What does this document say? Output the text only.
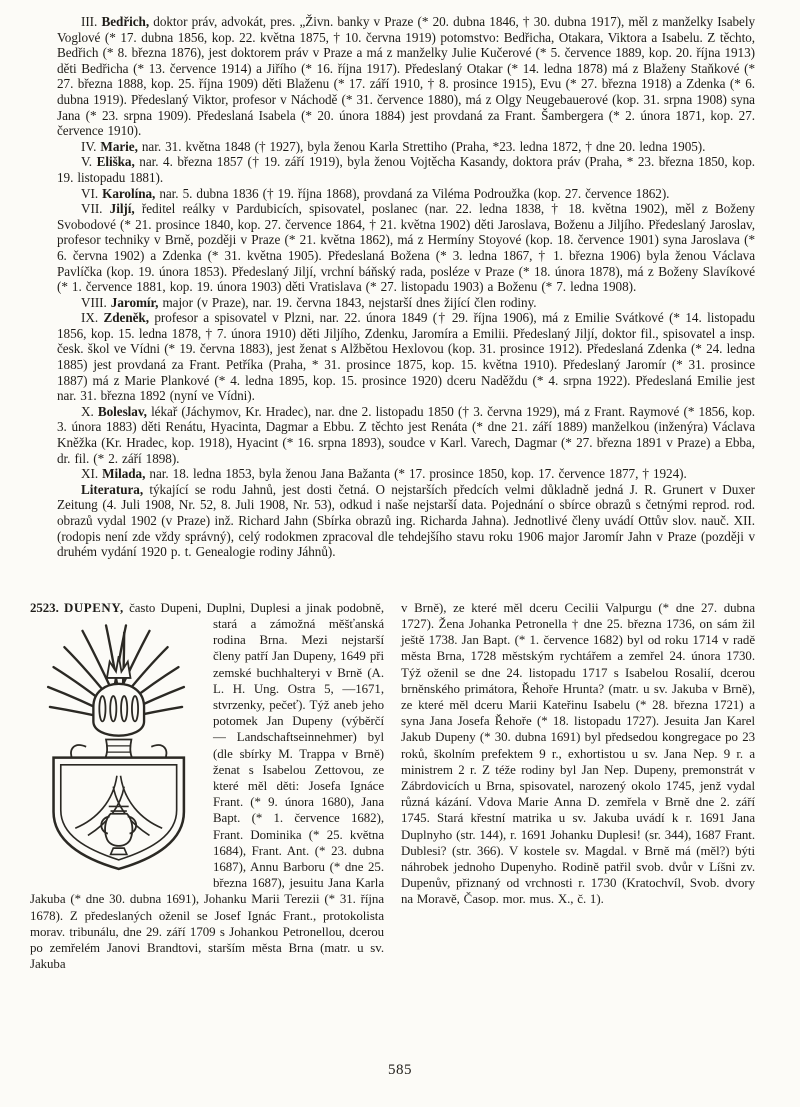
III. Bedřich, doktor práv, advokát, pres. „Živn. banky v Praze (* 20. dubna 1846, † 30. dubna 1917), měl z manželky Isabely Voglové (* 17. dubna 1856, kop. 22. května 1875, † 10. června 1919) potomstvo: Bedřicha, Otakara, Viktora a Isabelu. Z těchto, Bedřich (* 8. března 1876), jest doktorem práv v Praze a má z manželky Julie Kučerové (* 5. července 1889, kop. 20. října 1913) děti Bedřicha (* 13. července 1914) a Jiřího (* 16. října 1917). Předeslaný Otakar (* 14. ledna 1878) má z Blaženy Staňkové (* 27. března 1888, kop. 25. října 1909) děti Blaženu (* 17. září 1910, † 8. prosince 1915), Evu (* 27. března 1918) a Zdenka (* 6. dubna 1919). Předeslaný Viktor, profesor v Náchodě (* 31. července 1880), má z Olgy Neugebauerové (kop. 31. srpna 1908) syna Jana (* 23. srpna 1909). Předeslaná Isabela (* 20. února 1884) jest provdaná za Frant. Šambergera (* 2. února 1871, kop. 27. července 1910).

IV. Marie, nar. 31. května 1848 († 1927), byla ženou Karla Strettiho (Praha, *23. ledna 1872, † dne 20. ledna 1905).

V. Eliška, nar. 4. března 1857 († 19. září 1919), byla ženou Vojtěcha Kasandy, doktora práv (Praha, * 23. března 1850, kop. 19. listopadu 1881).

VI. Karolína, nar. 5. dubna 1836 († 19. října 1868), provdaná za Viléma Podroužka (kop. 27. července 1862).

VII. Jiljí, ředitel reálky v Pardubicích, spisovatel, poslanec (nar. 22. ledna 1838, † 18. května 1902), měl z Boženy Svobodové (* 21. prosince 1840, kop. 27. července 1864, † 21. května 1902) děti Jaroslava, Boženu a Jiljího. Předeslaný Jaroslav, profesor techniky v Brně, později v Praze (* 21. května 1862), má z Hermíny Stoyové (kop. 18. července 1901) syna Jaroslava (* 6. června 1902) a Zdenka (* 31. května 1905). Předeslaná Božena (* 3. ledna 1867, † 1. března 1906) byla ženou Václava Pavlíčka (kop. 19. února 1853). Předeslaný Jiljí, vrchní báňský rada, posléze v Praze (* 18. února 1878), má z Boženy Slavíkové (* 1. července 1881, kop. 19. února 1903) děti Vratislava (* 27. listopadu 1903) a Boženu (* 7. ledna 1908).

VIII. Jaromír, major (v Praze), nar. 19. června 1843, nejstarší dnes žijící člen rodiny.

IX. Zdeněk, profesor a spisovatel v Plzni, nar. 22. února 1849 († 29. října 1906), má z Emilie Svátkové (* 14. listopadu 1856, kop. 15. ledna 1878, † 7. února 1910) děti Jiljího, Zdenku, Jaromíra a Emilii. Předeslaný Jiljí, doktor fil., spisovatel a insp. česk. škol ve Vídni (* 19. června 1883), jest ženat s Alžbětou Hexlovou (kop. 31. prosince 1912). Předeslaná Zdenka (* 24. ledna 1885) jest provdaná za Frant. Petříka (Praha, * 31. prosince 1875, kop. 15. května 1910). Předeslaný Jaromír (* 31. prosince 1887) má z Marie Plankové (* 4. ledna 1895, kop. 15. prosince 1920) dceru Naděždu (* 4. srpna 1922). Předeslaná Emilie jest nar. 31. března 1892 (nyní ve Vídni).

X. Boleslav, lékař (Jáchymov, Kr. Hradec), nar. dne 2. listopadu 1850 († 3. června 1929), má z Frant. Raymové (* 1856, kop. 3. února 1883) děti Renátu, Hyacinta, Dagmar a Ebbu. Z těchto jest Renáta (* dne 21. září 1889) manželkou (inženýra) Václava Kněžka (Kr. Hradec, kop. 1918), Hyacint (* 16. srpna 1893), soudce v Karl. Varech, Dagmar (* 27. března 1891 v Praze) a Ebba, dr. fil. (* 2. září 1898).

XI. Milada, nar. 18. ledna 1853, byla ženou Jana Bažanta (* 17. prosince 1850, kop. 17. července 1877, † 1924).

Literatura, týkající se rodu Jahnů, jest dosti četná. O nejstarších předcích velmi důkladně jedná J. R. Grunert v Duxer Zeitung (4. Juli 1908, Nr. 52, 8. Juli 1908, Nr. 53), odkud i naše nejstarší data. Pojednání o sbírce obrazů s četnými reprod. rod. obrazů vydal 1902 (v Praze) inž. Richard Jahn (Sbírka obrazů ing. Richarda Jahna). Jednotlivé členy uvádí Ottův slov. nauč. XII. (rodopis není zde vždy správný), celý rodokmen zpracoval dle tehdejšího stavu roku 1906 major Jaromír Jahn v Praze (později v druhém vydání 1920 p. t. Genealogie rodiny Jáhnů).

2523. DUPENY, často Dupeni, Duplni, Duplesi a jinak podobně, stará a zámožná měšťanská rodina Brna. Mezi nejstarší členy patří Jan Dupeny, 1649 při zemské buchhalteryi v Brně (A. L. H. Ung. Ostra 5, —1671, stvrzenky, pečeť). Týž aneb jeho potomek Jan Dupeny (výběrčí — Landschaftseinnehmer) byl (dle sbírky M. Trappa v Brně) ženat s Isabelou Zettovou, ze které měl děti: Josefa Ignáce Frant. (* 9. února 1680), Jana Bapt. (* 1. července 1682), Frant. Dominika (* 25. května 1684), Frant. Ant. (* 23. dubna 1687), Annu Barboru (* dne 25. března 1687), jesuitu Jana Karla Jakuba (* dne 30. dubna 1691), Johanku Marii Terezii (* 31. října 1678). Z předeslaných oženil se Josef Ignác Frant., protokolista morav. tribunálu, dne 29. září 1709 s Johankou Petronellou, dcerou po zemřelém Janovi Brandtovi, starším města Brna (matr. u sv. Jakuba

v Brně), ze které měl dceru Cecilii Valpurgu (* dne 27. dubna 1727). Žena Johanka Petronella † dne 25. března 1736, on sám žil ještě 1738. Jan Bapt. (* 1. července 1682) byl od roku 1714 v radě města Brna, 1728 městským rychtářem a zemřel 24. února 1730. Týž oženil se dne 24. listopadu 1717 s Isabelou Rosalií, dcerou brněnského primátora, Řehoře Hrunta? (matr. u sv. Jakuba v Brně), ze které měl dceru Marii Kateřinu Isabelu (* 28. března 1721) a syna Jana Josefa Řehoře (* 18. listopadu 1727). Jesuita Jan Karel Jakub Dupeny (* 30. dubna 1691) byl předsedou kongregace po 23 roků, školním prefektem 9 r., exhortistou u sv. Jana Nep. 9 r. a ministrem 2 r. Z téže rodiny byl Jan Nep. Dupeny, premonstrát v Zábrdovicích u Brna, spisovatel, narozený okolo 1745, jenž vydal různá kázání. Vdova Marie Anna D. zemřela v Brně dne 2. září 1745. Stará křestní matrika u sv. Jakuba uvádí k r. 1691 Jana Duplnyho (str. 144), r. 1691 Johanku Duplesi! (sr. 344), 1687 Frant. Dublesi? (str. 366). V kostele sv. Magdal. v Brně má (měl?) býti náhrobek jednoho Dupenyho. Rodině patřil svob. dvůr v Líšni zv. Dupenův, přiznaný od vrchnosti r. 1730 (Kratochvíl, Svob. dvory na Moravě, Časop. mor. mus. X., č. 1).

585
